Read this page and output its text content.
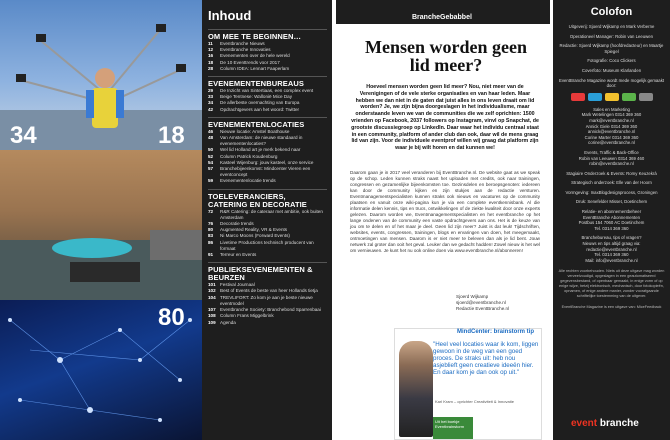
18
34
80
Inhoud
OM MEE TE BEGINNEN…
11	Eventbranche Nieuws
12	Eventbranche Innovaties
16	Evenementen over de hele wereld
18	De 10 Eventtrends voor 2017
28	Column IDEA: Lennart Faaperlam
EVENEMENTENBUREAUS
29	De Inzicht van Sintertiaas, een complex event
33	Beige Tentnese: Wallonië Mice Day
34	De allerbeste overnachting van Europa
42	Opdrachtgevers aan het woord: Twitter
EVENEMENTENLOCATIES
46	Nieuwe locatie: Amstel Boathouse
48	Van Amsterdam: de nieuwe standaard in evenementenlocaties?
50	Wel lid Holland art je merk bekend naar
52	Column Patrick Koudenburg
54	Kasteel Wijenburg: jouw kasteel, onze service
57	Branchebijeenkomst: Mindcenter Vieren een eventconcept
59	Evenementenlocatie trends
TOELEVERANCIERS, CATERING EN DECORATIE
72	R&R Catering: de cateraar met ambitie, ook buiten Amsterdam
76	Decoratie trends
80	Augmented Reality, VR & Events
83	Ni Marco Moons (Forward Events)
86	Livetime Productions technisch producent van formaat
91	Terreur en Events
PUBLIEKSEVENEMENTEN & BEURZEN
101 Festival Journaal
102 Best of Events de beste van heer Hollands tietja
104 TREVLIFORT: Zo kom je aan je beste nieuwe eventmodel
107 Eventbranche Society: Branchebond Sparrenbaai
108 Column Frans Miggelbrink
109 Agenda
BrancheGebabbel
Mensen worden geen lid meer?
Hoeveel mensen worden geen lid meer? Nou, niet meer van de Verenigingen of de vele sterke organisaties en van haar leden. Maar hebben we dan niet in de gaten dat juist alles in ons leven draait om lid worden? Je, we zijn bijna doorgeslagen in het individualisme, maar onderstaande leven we van de communities die we zelf oprichten: 1500 vrienden op Facebook, 2037 followers op Instagram, vinvl op Snapchat, de grootste discussiegroep op LinkedIn. Daar waar het individu centraal staat in een community, platform of ander club dan ook, daar wil de mens graag lid van zijn. Voor de individuele eventprof willen wij graag dat platform zijn waar je bij wilt horen en dat kunnen we!
Daarom gaan je in 2017 veel veranderen bij EventBranche.nl. De website gaat as we speak op de schop. Leden kunnen straks naast het uploaden met credits, ook naar trainingen, congressen en gezamenlijke bijeenkomsten toe. Gezinsdelen en beroepsgenoten: iedereen kan door de community kijken en zijn stukjes aan de redactie versturen. Eventmanagementspecialisten kunnen straks ook nieuws en vacatures op de community plaatsen en vanuit onze wiki-pagina kun je via een complete eventkennisbank. Al die informatie delen kennis, tips en trucs, ontwikkelingen of de ziekte kwaliteit door onze experts gelezen. Daarom worden we, Eventmanagementspecialisten en het eventbranche op het lange ondenen van de community een vaste opdrachtgevers aan ons. Het is de keuze van jou om te delen en of het maar je deel. Geen lid zijn meer? Juist is dat leuk! Tijdschriften, websites, events, congressen, trainingen, blogs en ervaringen van doen, het meegemaakt, ontmoetingen van mensen. Daarom is er niet meer te beleven dan als je lid bent. Jouw netwerk zal groter dan ooit het geval. Leuker dan we gedacht hadden! Zowel nieuw is het wel om vernieuwen. Je kunt het nu ook online doen via www.eventbranche.nl/abonneren!
Sjoerd Wijkamp
sjoerd@eventbranche.nl
Redactie EventBranche.nl
MindCenter: brainstorm tip
"Heel veel locaties waar ik kom, liggen gewoon in de weg van een goed proces. De straks uit: heb nou asjeblieft geen creatieve ideeën hier. En daar kom je dan ook op uit."
Karl Kram – oprichter Creativiteit & Innovatie
Uit het boekje Eventbrainstorm
Colofon
Uitgeverij: Sjoerd Wijkamp en Mark Verberne
Operationeel Manager: Robin van Leeuwen
Redactie: Sjoerd Wijkamp (hoofdredacteur) en Maartje Spiegel
Fotografie: Coco Clickers
Coverfoto: Museum Klarlanden
EventBranche Magazine wordt mede mogelijk gemaakt door:
Sales en Marketing
Mark Wetelingen 0314 369 360
mark@eventbranche.nl
Annick Giele 0314 369 360
annick@eventbranche.nl
Corine Marter 0314 369 360
corine@eventbranche.nl
Events, Traffic & Back-Office
Robin van Leeuwen 0314 369 460
robin@eventbranche.nl
Stagiaire Onderzoek & Events: Romy Keuzekrà
Strategisch onderzoek: Elle van der Hoorn
Vormgeving: InaxBlogdesignprocess, Groningen
Druk: Senefelder Misset, Doetinchem
Relatie- en abonnementbeheer
EventBranche Abonnementen
Postbus 154 7060 AC Doetinchem
Tel. 0314 369 360
Branchebureau, tips of vragen?
Nieuws en tips altijd graag via: redactie@eventbranche.nl
Tel. 0314 369 360
Mail: info@eventbranche.nl
Alle rechten voorbehouden. Niets uit deze uitgave mag worden verveelvoudigd, opgeslagen in een geautomatiseerd gegevensbestand, of openbaar gemaakt, in enige vorm of op enige wijze, hetzij elektronisch, mechanisch, door fotokopieën, opnamen, of enige andere manier, zonder voorafgaande schriftelijke toestemming van de uitgever.
EventBranche Magazine is een uitgave van: MiceFeedback
event branche
